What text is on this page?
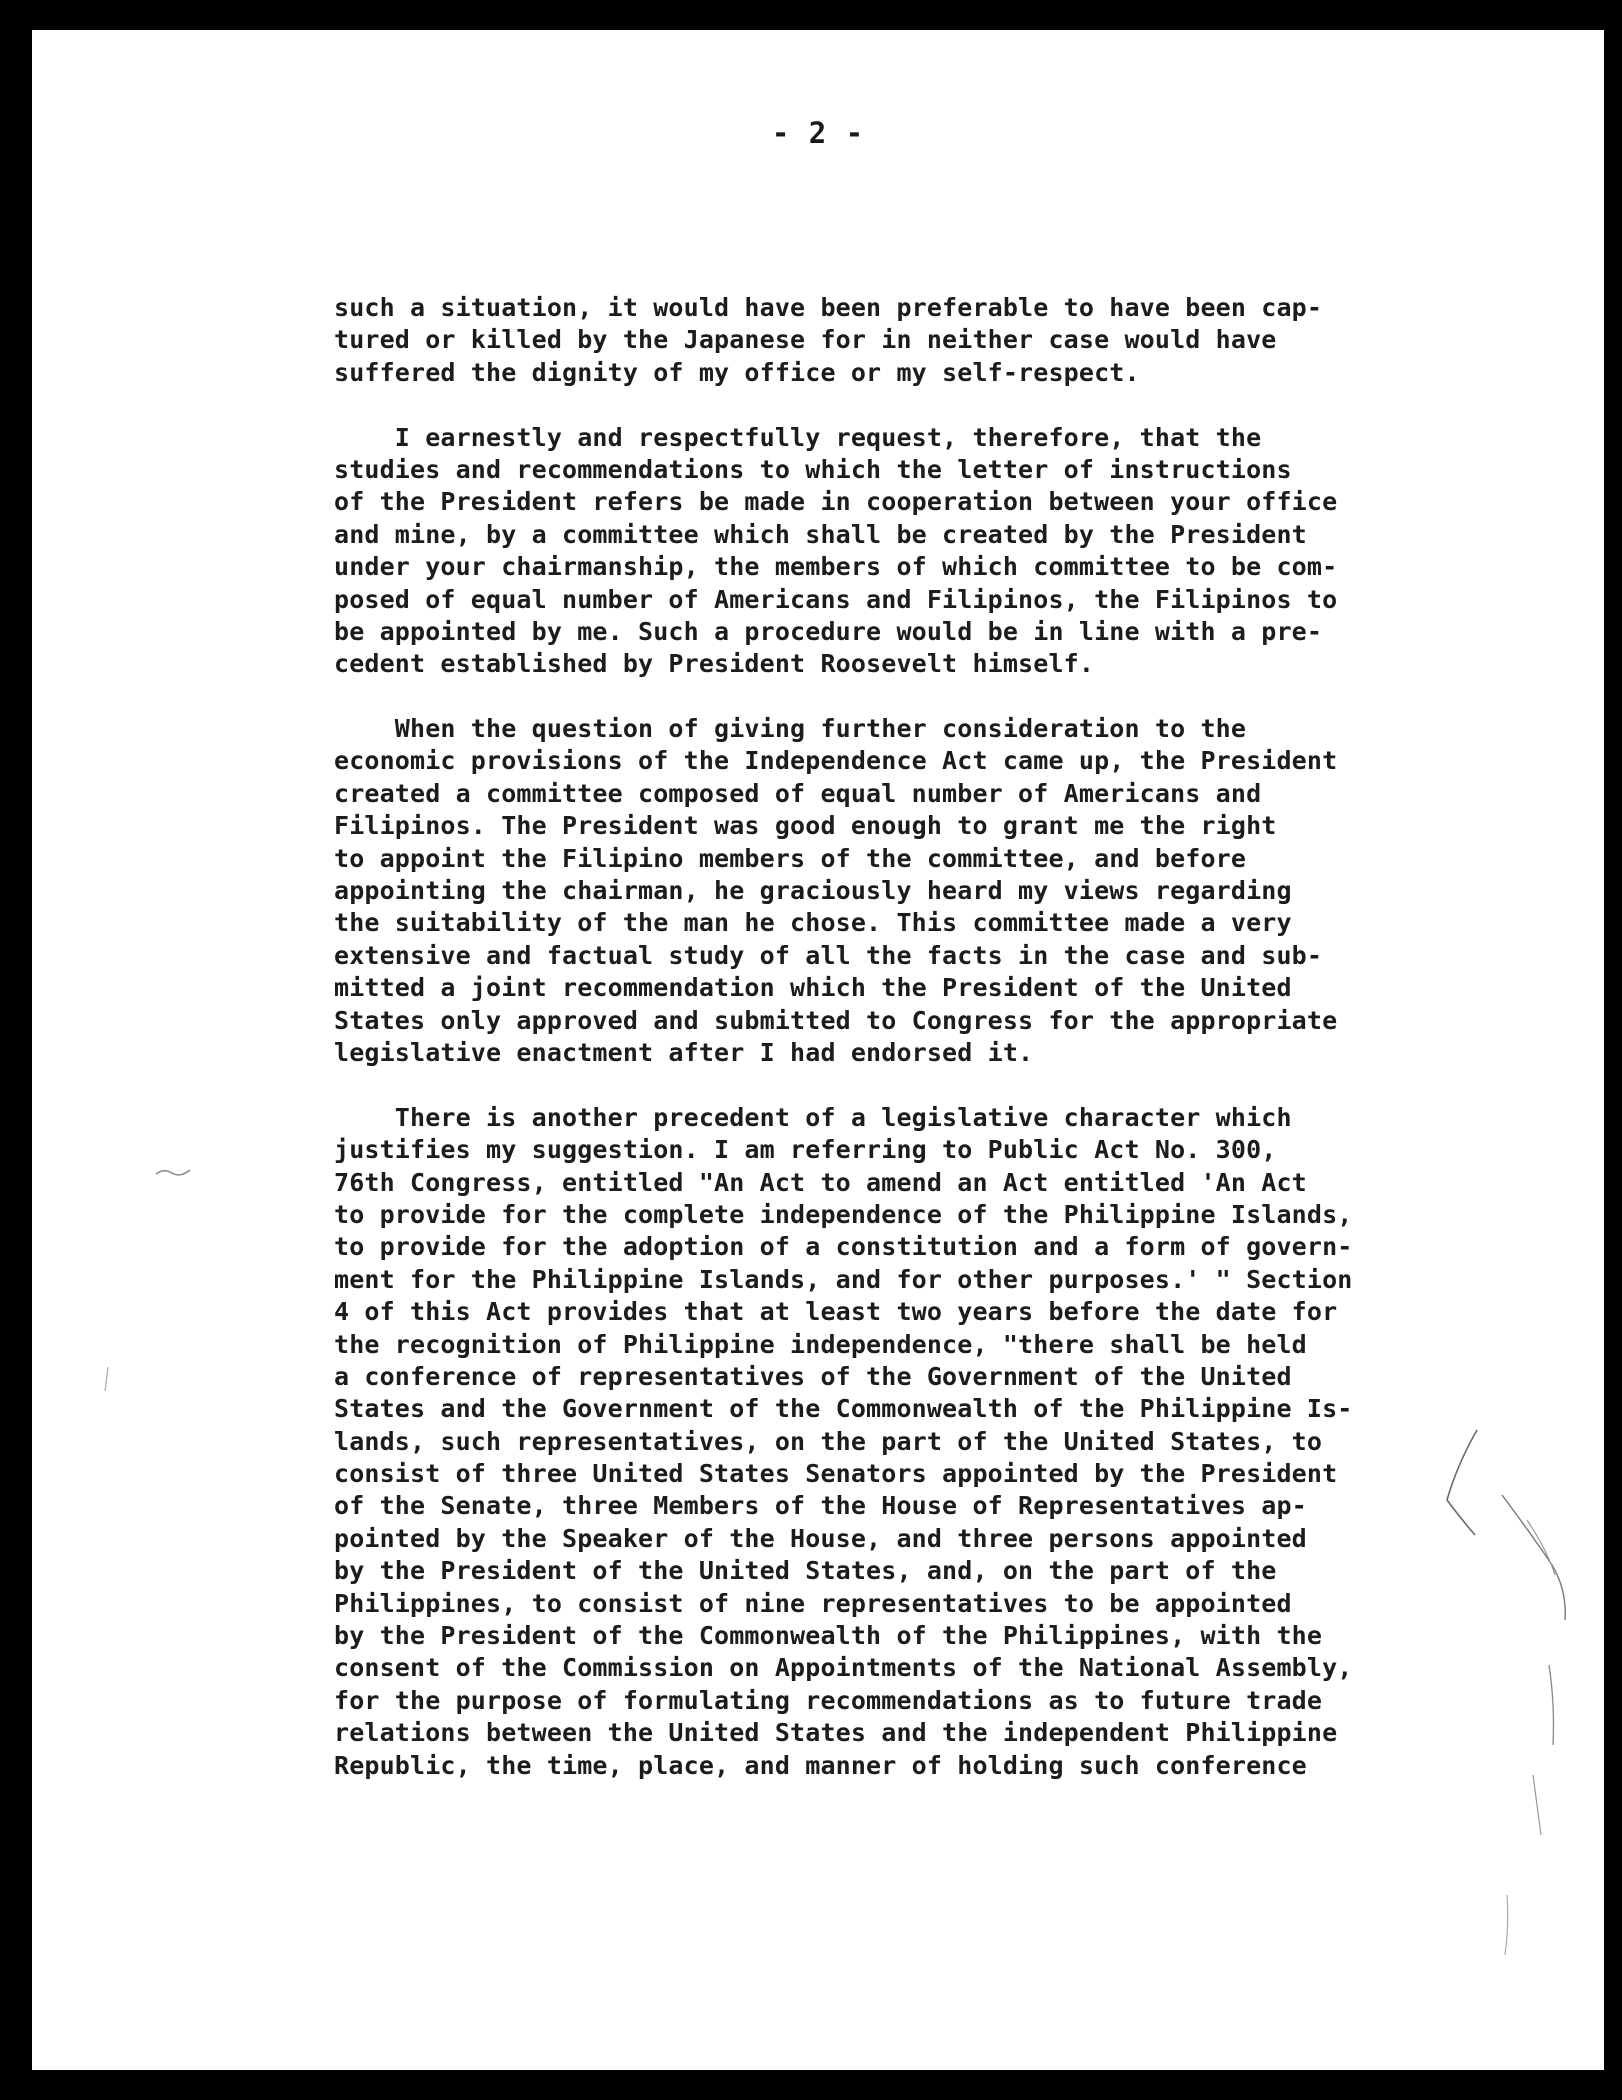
- 2 -
such a situation, it would have been preferable to have been cap-
tured or killed by the Japanese for in neither case would have
suffered the dignity of my office or my self-respect.
I earnestly and respectfully request, therefore, that the
studies and recommendations to which the letter of instructions
of the President refers be made in cooperation between your office
and mine, by a committee which shall be created by the President
under your chairmanship, the members of which committee to be com-
posed of equal number of Americans and Filipinos, the Filipinos to
be appointed by me. Such a procedure would be in line with a pre-
cedent established by President Roosevelt himself.
When the question of giving further consideration to the
economic provisions of the Independence Act came up, the President
created a committee composed of equal number of Americans and
Filipinos. The President was good enough to grant me the right
to appoint the Filipino members of the committee, and before
appointing the chairman, he graciously heard my views regarding
the suitability of the man he chose. This committee made a very
extensive and factual study of all the facts in the case and sub-
mitted a joint recommendation which the President of the United
States only approved and submitted to Congress for the appropriate
legislative enactment after I had endorsed it.
There is another precedent of a legislative character which
justifies my suggestion. I am referring to Public Act No. 300,
76th Congress, entitled "An Act to amend an Act entitled 'An Act
to provide for the complete independence of the Philippine Islands,
to provide for the adoption of a constitution and a form of govern-
ment for the Philippine Islands, and for other purposes.' " Section
4 of this Act provides that at least two years before the date for
the recognition of Philippine independence, "there shall be held
a conference of representatives of the Government of the United
States and the Government of the Commonwealth of the Philippine Is-
lands, such representatives, on the part of the United States, to
consist of three United States Senators appointed by the President
of the Senate, three Members of the House of Representatives ap-
pointed by the Speaker of the House, and three persons appointed
by the President of the United States, and, on the part of the
Philippines, to consist of nine representatives to be appointed
by the President of the Commonwealth of the Philippines, with the
consent of the Commission on Appointments of the National Assembly,
for the purpose of formulating recommendations as to future trade
relations between the United States and the independent Philippine
Republic, the time, place, and manner of holding such conference
